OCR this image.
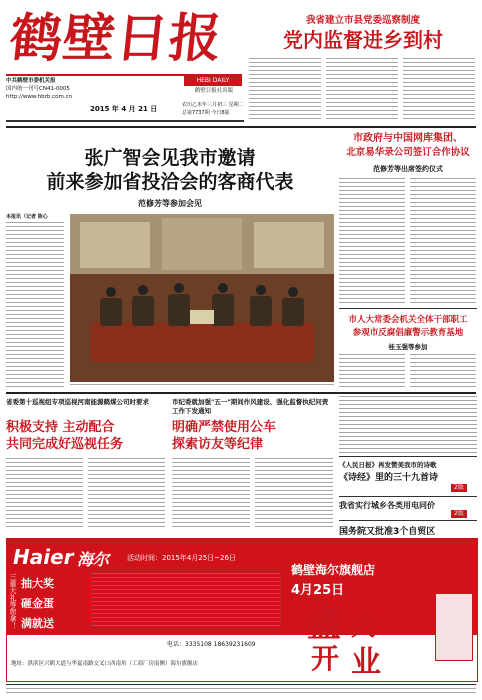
鹤壁日报
中共鹤壁市委机关报
国内统一刊号CN41-0005
http://www.hbrb.com.cn
HEBI DAILY
鹤壁日报社出版
2015 年 4 月 21 日	农历乙未年三月初三 星期二
总第7737期 今日8版
我省建立市县党委巡察制度
党内监督进乡到村
张广智会见我市邀请
前来参加省投洽会的客商代表
范修芳等参加会见
本报讯（记者 陈心
市政府与中国网库集团、
北京易华录公司签订合作协议
范修芳等出席签约仪式
市人大常委会机关全体干部职工
参观市反腐倡廉警示教育基地
桂玉强等参加
省委第十巡视组专项巡视河南能源鹤煤公司时要求
积极支持 主动配合
共同完成好巡视任务
市纪委就加强"五一"期间作风建设、强化监督执纪问责工作下发通知
明确严禁使用公车
探索访友等纪律
《人民日报》再发赞美我市的诗歌
《诗经》里的三十九首诗
2版
我省实行城乡各类用电同价
2版
国务院又批准3个自贸区
Haier 海尔	活动时间：2015年4月25日~26日
三重大礼等您拿！ 抽大奖
砸金蛋
满就送
鹤壁海尔旗舰店
4月25日
盛 大
开 业
电话：3335108 18639231609
地址：淇滨区兴鹤大道与华夏南路交叉口西南角（工商厂房南侧）海尔旗舰店
